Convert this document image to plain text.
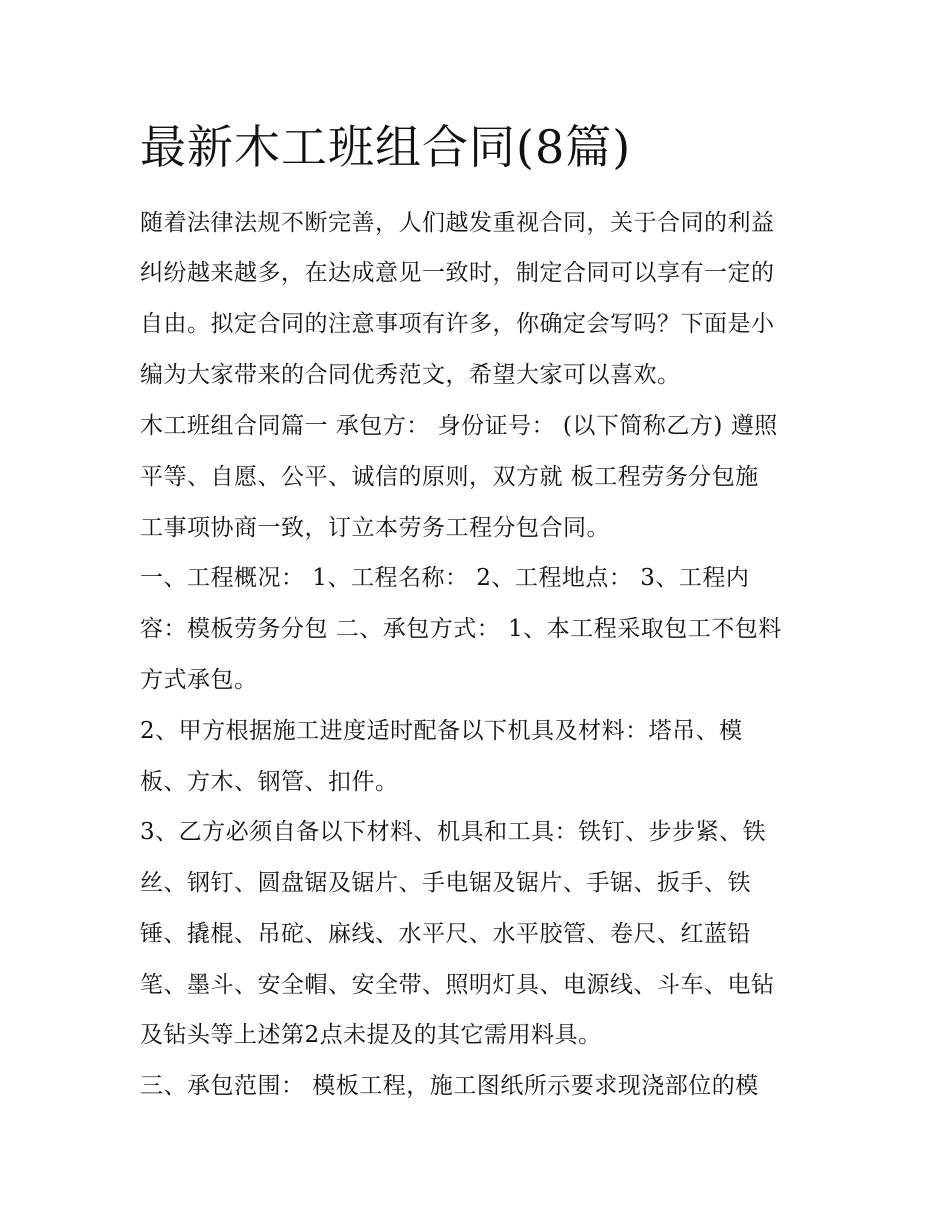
最新木工班组合同(8篇)

随着法律法规不断完善，人们越发重视合同，关于合同的利益

纠纷越来越多，在达成意见一致时，制定合同可以享有一定的

自由。拟定合同的注意事项有许多，你确定会写吗？下面是小

编为大家带来的合同优秀范文，希望大家可以喜欢。

木工班组合同篇一 承包方： 身份证号： (以下简称乙方) 遵照

平等、自愿、公平、诚信的原则，双方就 板工程劳务分包施

工事项协商一致，订立本劳务工程分包合同。

一、工程概况： 1、工程名称： 2、工程地点： 3、工程内

容：模板劳务分包 二、承包方式： 1、本工程采取包工不包料

方式承包。

2、甲方根据施工进度适时配备以下机具及材料：塔吊、模

板、方木、钢管、扣件。

3、乙方必须自备以下材料、机具和工具：铁钉、步步紧、铁

丝、钢钉、圆盘锯及锯片、手电锯及锯片、手锯、扳手、铁

锤、撬棍、吊砣、麻线、水平尺、水平胶管、卷尺、红蓝铅

笔、墨斗、安全帽、安全带、照明灯具、电源线、斗车、电钻

及钻头等上述第2点未提及的其它需用料具。

三、承包范围： 模板工程，施工图纸所示要求现浇部位的模
